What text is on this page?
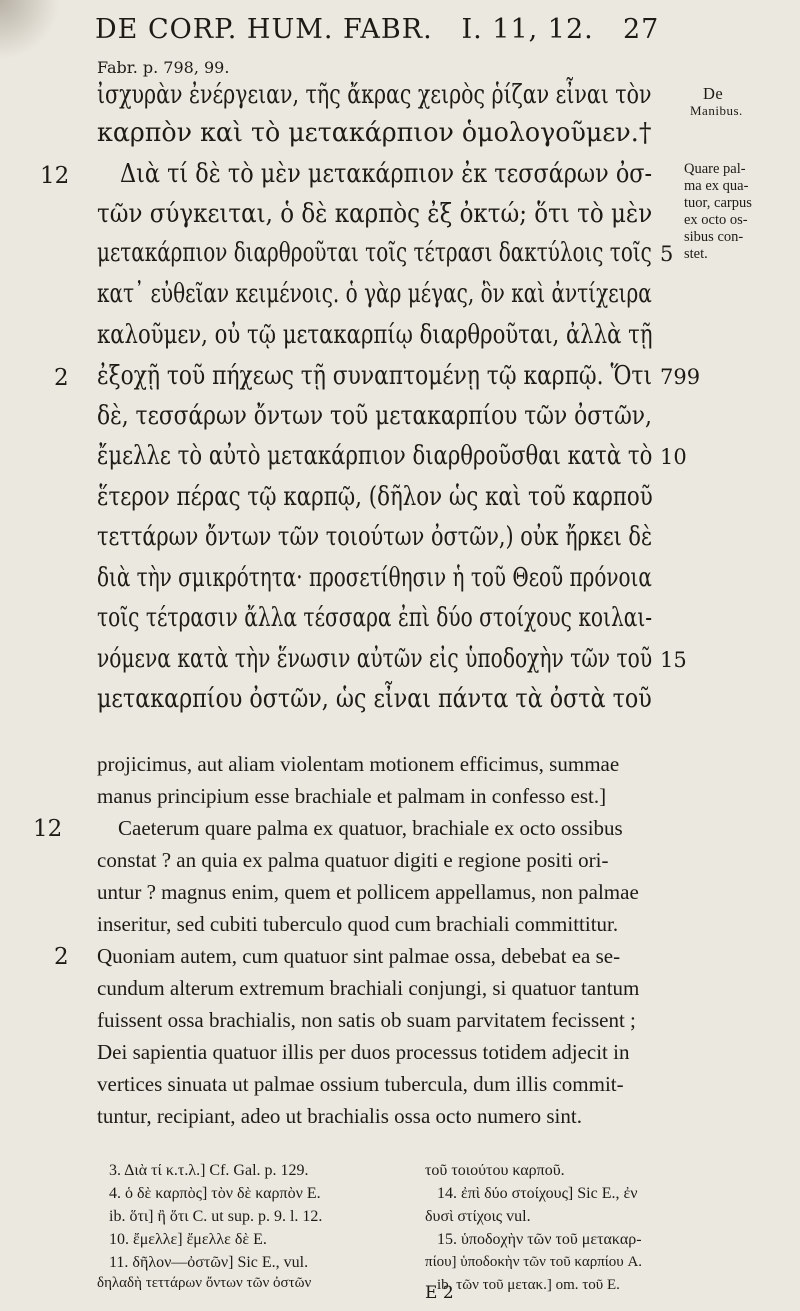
DE CORP. HUM. FABR. I. 11, 12. 27
Fabr. p. 798, 99.
De
Manibus.
Quare pal-
ma ex qua-
tuor, carpus
ex octo os-
sibus con-
stet.
ἰσχυρὰν ἐνέργειαν, τῆς ἄκρας χειρὸς ῥίζαν εἶναι τὸν
καρπὸν καὶ τὸ μετακάρπιον ὁμολογοῦμεν.†
Διὰ τί δὲ τὸ μὲν μετακάρπιον ἐκ τεσσάρων ὀσ-
τῶν σύγκειται, ὁ δὲ καρπὸς ἐξ ὀκτώ; ὅτι τὸ μὲν
μετακάρπιον διαρθροῦται τοῖς τέτρασι δακτύλοις τοῖς
κατ᾽ εὐθεῖαν κειμένοις. ὁ γὰρ μέγας, ὃν καὶ ἀντίχειρα
καλοῦμεν, οὐ τῷ μετακαρπίῳ διαρθροῦται, ἀλλὰ τῇ
ἐξοχῇ τοῦ πήχεως τῇ συναπτομένῃ τῷ καρπῷ. Ὅτι
δὲ, τεσσάρων ὄντων τοῦ μετακαρπίου τῶν ὀστῶν,
ἔμελλε τὸ αὐτὸ μετακάρπιον διαρθροῦσθαι κατὰ τὸ
ἕτερον πέρας τῷ καρπῷ, (δῆλον ὡς καὶ τοῦ καρποῦ
τεττάρων ὄντων τῶν τοιούτων ὀστῶν,) οὐκ ἤρκει δὲ
διὰ τὴν σμικρότητα· προσετίθησιν ἡ τοῦ Θεοῦ πρόνοια
τοῖς τέτρασιν ἄλλα τέσσαρα ἐπὶ δύο στοίχους κοιλαι-
νόμενα κατὰ τὴν ἕνωσιν αὐτῶν εἰς ὑποδοχὴν τῶν τοῦ
μετακαρπίου ὀστῶν, ὡς εἶναι πάντα τὰ ὀστὰ τοῦ
12
2
5
799
10
15
projicimus, aut aliam violentam motionem efficimus, summae
manus principium esse brachiale et palmam in confesso est.]
Caeterum quare palma ex quatuor, brachiale ex octo ossibus
constat ? an quia ex palma quatuor digiti e regione positi ori-
untur ? magnus enim, quem et pollicem appellamus, non palmae
inseritur, sed cubiti tuberculo quod cum brachiali committitur.
Quoniam autem, cum quatuor sint palmae ossa, debebat ea se-
cundum alterum extremum brachiali conjungi, si quatuor tantum
fuissent ossa brachialis, non satis ob suam parvitatem fecissent ;
Dei sapientia quatuor illis per duos processus totidem adjecit in
vertices sinuata ut palmae ossium tubercula, dum illis commit-
tuntur, recipiant, adeo ut brachialis ossa octo numero sint.
12
2
3. Διὰ τί κ.τ.λ.] Cf. Gal. p. 129.
4. ὁ δὲ καρπὸς] τὸν δὲ καρπὸν E.
ib. ὅτι] ἢ ὅτι C. ut sup. p. 9. l. 12.
10. ἔμελλε] ἔμελλε δὲ E.
11. δῆλον—ὀστῶν] Sic E., vul.
δηλαδὴ τεττάρων ὄντων τῶν ὀστῶν
τοῦ τοιούτου καρποῦ.
14. ἐπὶ δύο στοίχους] Sic E., ἐν
δυσὶ στίχοις vul.
15. ὑποδοχὴν τῶν τοῦ μετακαρ-
πίου] ὑποδοκὴν τῶν τοῦ καρπίου A.
ib. τῶν τοῦ μετακ.] om. τοῦ E.
E 2
